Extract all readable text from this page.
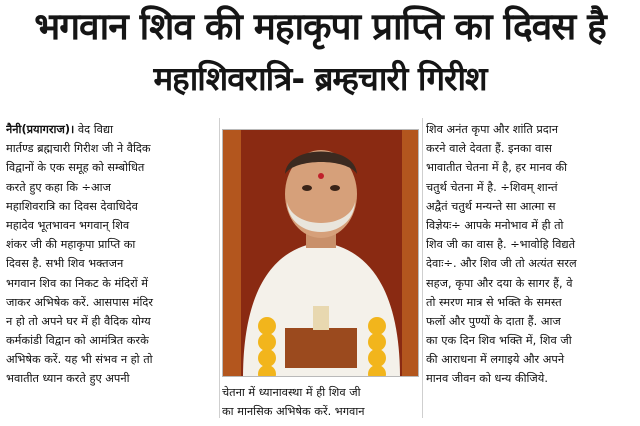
भगवान शिव की महाकृपा प्राप्ति का दिवस है
महाशिवरात्रि- ब्रम्हचारी गिरीश
नैनी(प्रयागराज)। वेद विद्या
मार्तण्ड ब्रह्मचारी गिरीश जी ने वैदिक
विद्वानों के एक समूह को सम्बोधित
करते हुए कहा कि ÷आज
महाशिवरात्रि का दिवस देवाधिदेव
महादेव भूतभावन भगवान् शिव
शंकर जी की महाकृपा प्राप्ति का
दिवस है. सभी शिव भक्तजन
भगवान शिव का निकट के मंदिरों में
जाकर अभिषेक करें. आसपास मंदिर
न हो तो अपने घर में ही वैदिक योग्य
कर्मकांडी विद्वान को आमंत्रित करके
अभिषेक करें. यह भी संभव न हो तो
भवातीत ध्यान करते हुए अपनी
चेतना में ध्यानावस्था में ही शिव जी
का मानसिक अभिषेक करें. भगवान
शिव अनंत कृपा और शांति प्रदान
करने वाले देवता हैं. इनका वास
भावातीत चेतना में है, हर मानव की
चतुर्थ चेतना में है. ÷शिवम् शान्तं
अद्वैतं चतुर्थ मन्यन्ते सा आत्मा स
विज्ञेयः÷ आपके मनोभाव में ही तो
शिव जी का वास है. ÷भावोहि विद्यते
देवाः÷. और शिव जी तो अत्यंत सरल
सहज, कृपा और दया के सागर हैं, वे
तो स्मरण मात्र से भक्ति के समस्त
फलों और पुण्यों के दाता हैं. आज
का एक दिन शिव भक्ति में, शिव जी
की आराधना में लगाइये और अपने
मानव जीवन को धन्य कीजिये.
